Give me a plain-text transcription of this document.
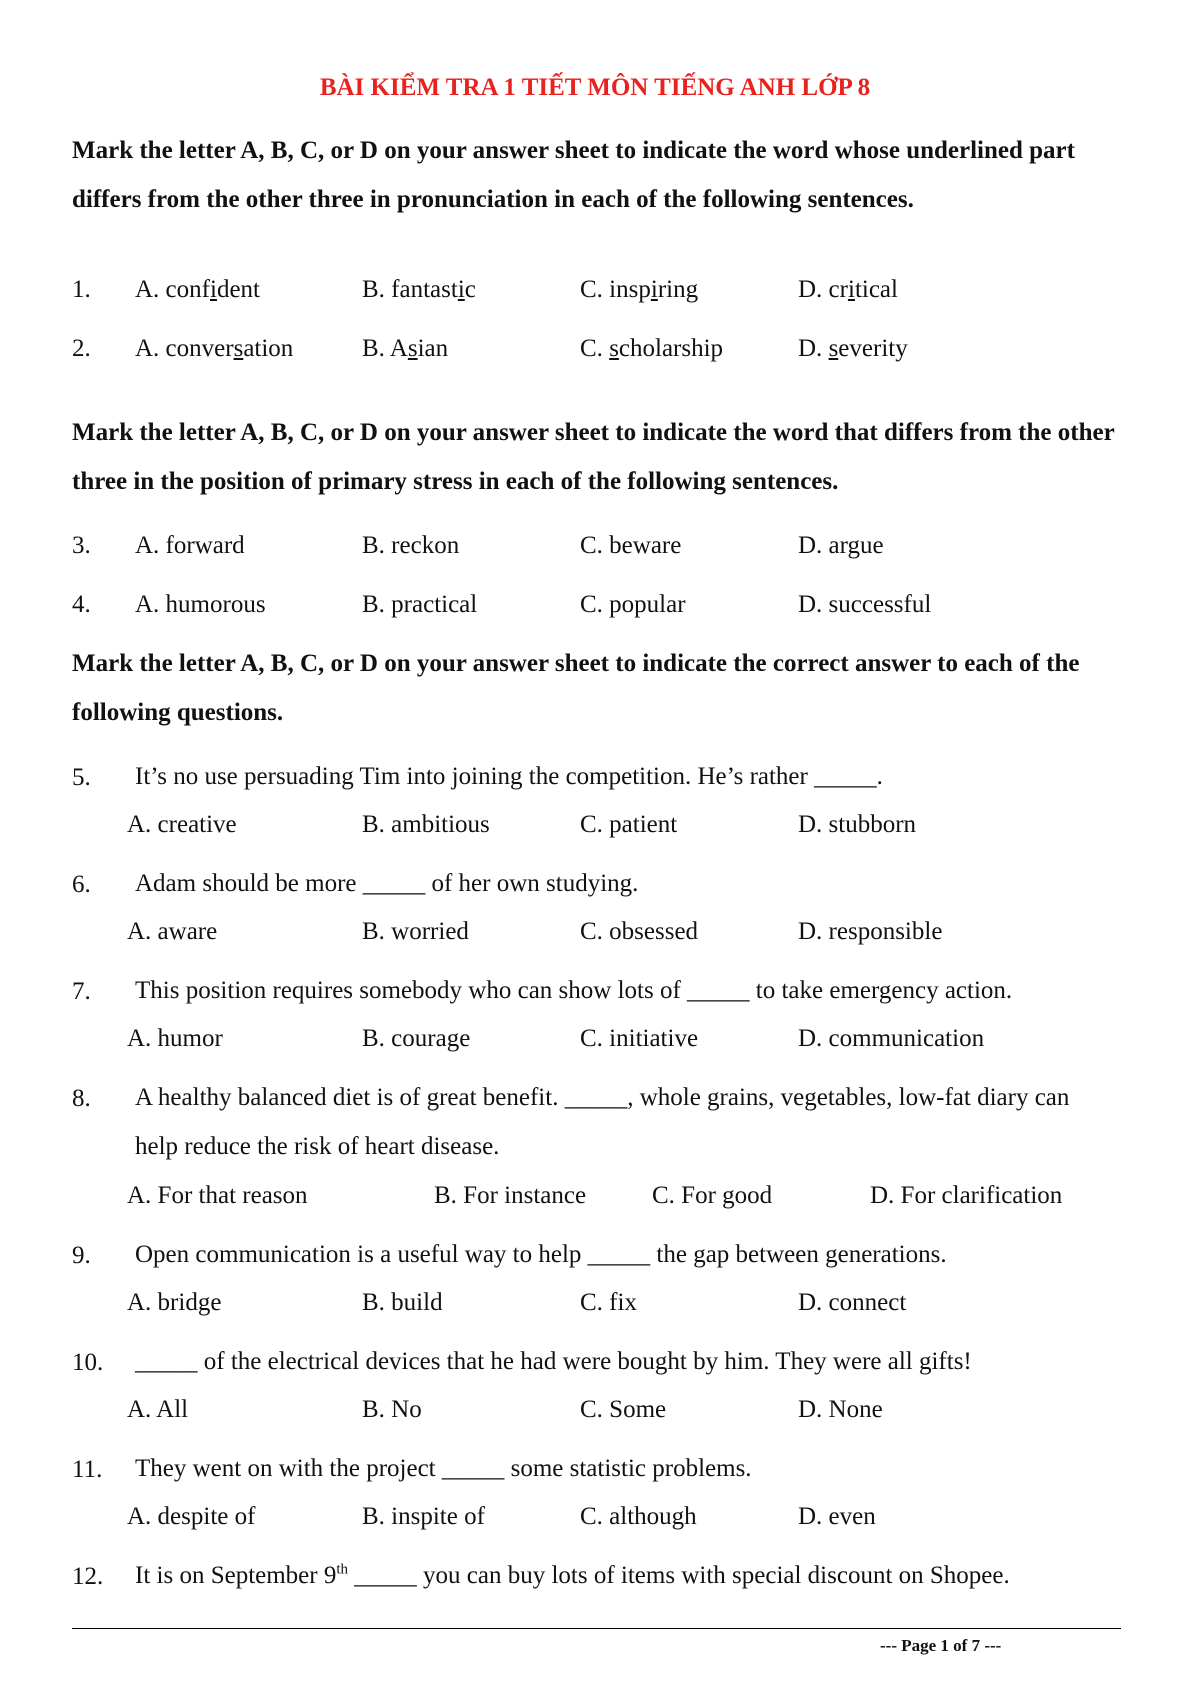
BÀI KIỂM TRA 1 TIẾT MÔN TIẾNG ANH LỚP 8
Mark the letter A, B, C, or D on your answer sheet to indicate the word whose underlined part differs from the other three in pronunciation in each of the following sentences.
1. A. confident	B. fantastic	C. inspiring	D. critical
2. A. conversation	B. Asian	C. scholarship	D. severity
Mark the letter A, B, C, or D on your answer sheet to indicate the word that differs from the other three in the position of primary stress in each of the following sentences.
3. A. forward	B. reckon	C. beware	D. argue
4. A. humorous	B. practical	C. popular	D. successful
Mark the letter A, B, C, or D on your answer sheet to indicate the correct answer to each of the following questions.
5. It’s no use persuading Tim into joining the competition. He’s rather _____.
A. creative	B. ambitious	C. patient	D. stubborn
6. Adam should be more _____ of her own studying.
A. aware	B. worried	C. obsessed	D. responsible
7. This position requires somebody who can show lots of _____ to take emergency action.
A. humor	B. courage	C. initiative	D. communication
8. A healthy balanced diet is of great benefit. _____, whole grains, vegetables, low-fat diary can help reduce the risk of heart disease.
A. For that reason	B. For instance	C. For good	D. For clarification
9. Open communication is a useful way to help _____ the gap between generations.
A. bridge	B. build	C. fix	D. connect
10. _____ of the electrical devices that he had were bought by him. They were all gifts!
A. All	B. No	C. Some	D. None
11. They went on with the project _____ some statistic problems.
A. despite of	B. inspite of	C. although	D. even
12. It is on September 9th _____ you can buy lots of items with special discount on Shopee.
--- Page 1 of 7 ---
